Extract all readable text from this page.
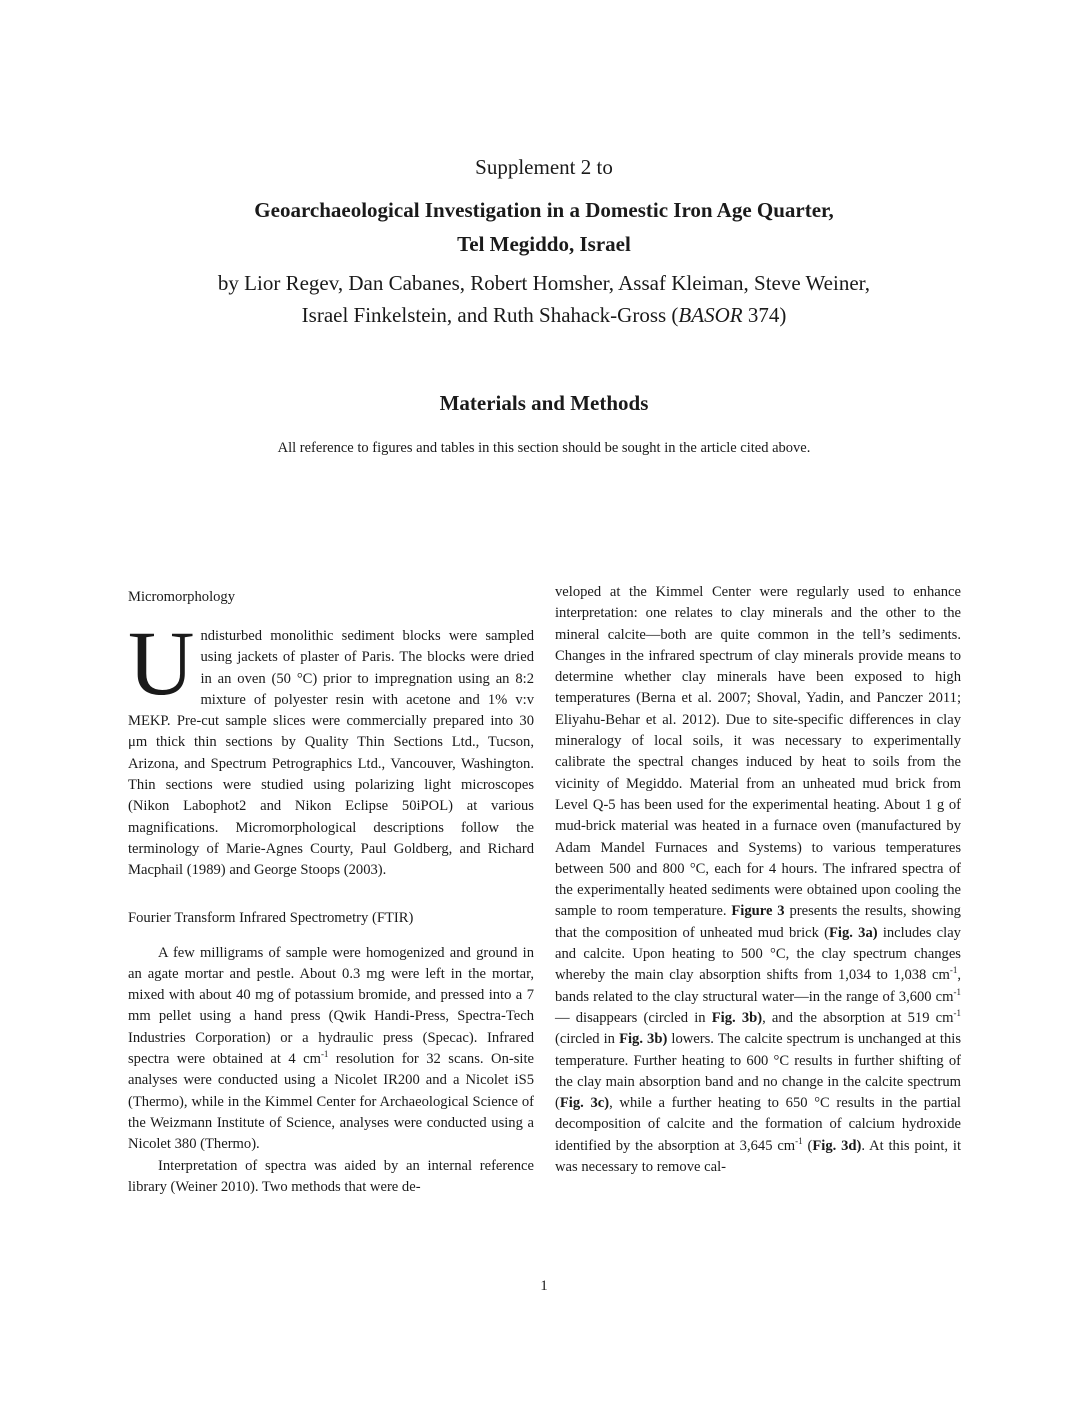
Supplement 2 to
Geoarchaeological Investigation in a Domestic Iron Age Quarter,
Tel Megiddo, Israel
by Lior Regev, Dan Cabanes, Robert Homsher, Assaf Kleiman, Steve Weiner,
Israel Finkelstein, and Ruth Shahack-Gross (BASOR 374)
Materials and Methods
All reference to figures and tables in this section should be sought in the article cited above.
Micromorphology

Undisturbed monolithic sediment blocks were sampled using jackets of plaster of Paris. The blocks were dried in an oven (50 °C) prior to impregnation using an 8:2 mixture of polyester resin with acetone and 1% v:v MEKP. Pre-cut sample slices were commercially prepared into 30 μm thick thin sections by Quality Thin Sections Ltd., Tucson, Arizona, and Spectrum Petrographics Ltd., Vancouver, Washington. Thin sections were studied using polarizing light microscopes (Nikon Labophot2 and Nikon Eclipse 50iPOL) at various magnifications. Micromorphological descriptions follow the terminology of Marie-Agnes Courty, Paul Goldberg, and Richard Macphail (1989) and George Stoops (2003).

Fourier Transform Infrared Spectrometry (FTIR)

A few milligrams of sample were homogenized and ground in an agate mortar and pestle. About 0.3 mg were left in the mortar, mixed with about 40 mg of potassium bromide, and pressed into a 7 mm pellet using a hand press (Qwik Handi-Press, Spectra-Tech Industries Corporation) or a hydraulic press (Specac). Infrared spectra were obtained at 4 $cm^{-1}$ resolution for 32 scans. On-site analyses were conducted using a Nicolet IR200 and a Nicolet iS5 (Thermo), while in the Kimmel Center for Archaeological Science of the Weizmann Institute of Science, analyses were conducted using a Nicolet 380 (Thermo).

Interpretation of spectra was aided by an internal reference library (Weiner 2010). Two methods that were de-

veloped at the Kimmel Center were regularly used to enhance interpretation: one relates to clay minerals and the other to the mineral calcite—both are quite common in the tell’s sediments. Changes in the infrared spectrum of clay minerals provide means to determine whether clay minerals have been exposed to high temperatures (Berna et al. 2007; Shoval, Yadin, and Panczer 2011; Eliyahu-Behar et al. 2012). Due to site-specific differences in clay mineralogy of local soils, it was necessary to experimentally calibrate the spectral changes induced by heat to soils from the vicinity of Megiddo. Material from an unheated mud brick from Level Q-5 has been used for the experimental heating. About 1 g of mud-brick material was heated in a furnace oven (manufactured by Adam Mandel Furnaces and Systems) to various temperatures between 500 and 800 °C, each for 4 hours. The infrared spectra of the experimentally heated sediments were obtained upon cooling the sample to room temperature. Figure 3 presents the results, showing that the composition of unheated mud brick (Fig. 3a) includes clay and calcite. Upon heating to 500 °C, the clay spectrum changes whereby the main clay absorption shifts from 1,034 to 1,038 $cm^{-1}$, bands related to the clay structural water—in the range of 3,600 $cm^{-1}—$ disappears (circled in Fig. 3b), and the absorption at 519 $cm^{-1}$ (circled in Fig. 3b) lowers. The calcite spectrum is unchanged at this temperature. Further heating to 600 °C results in further shifting of the clay main absorption band and no change in the calcite spectrum (Fig. 3c), while a further heating to 650 °C results in the partial decomposition of calcite and the formation of calcium hydroxide identified by the absorption at 3,645 $cm^{-1}$ (Fig. 3d). At this point, it was necessary to remove cal-

1
